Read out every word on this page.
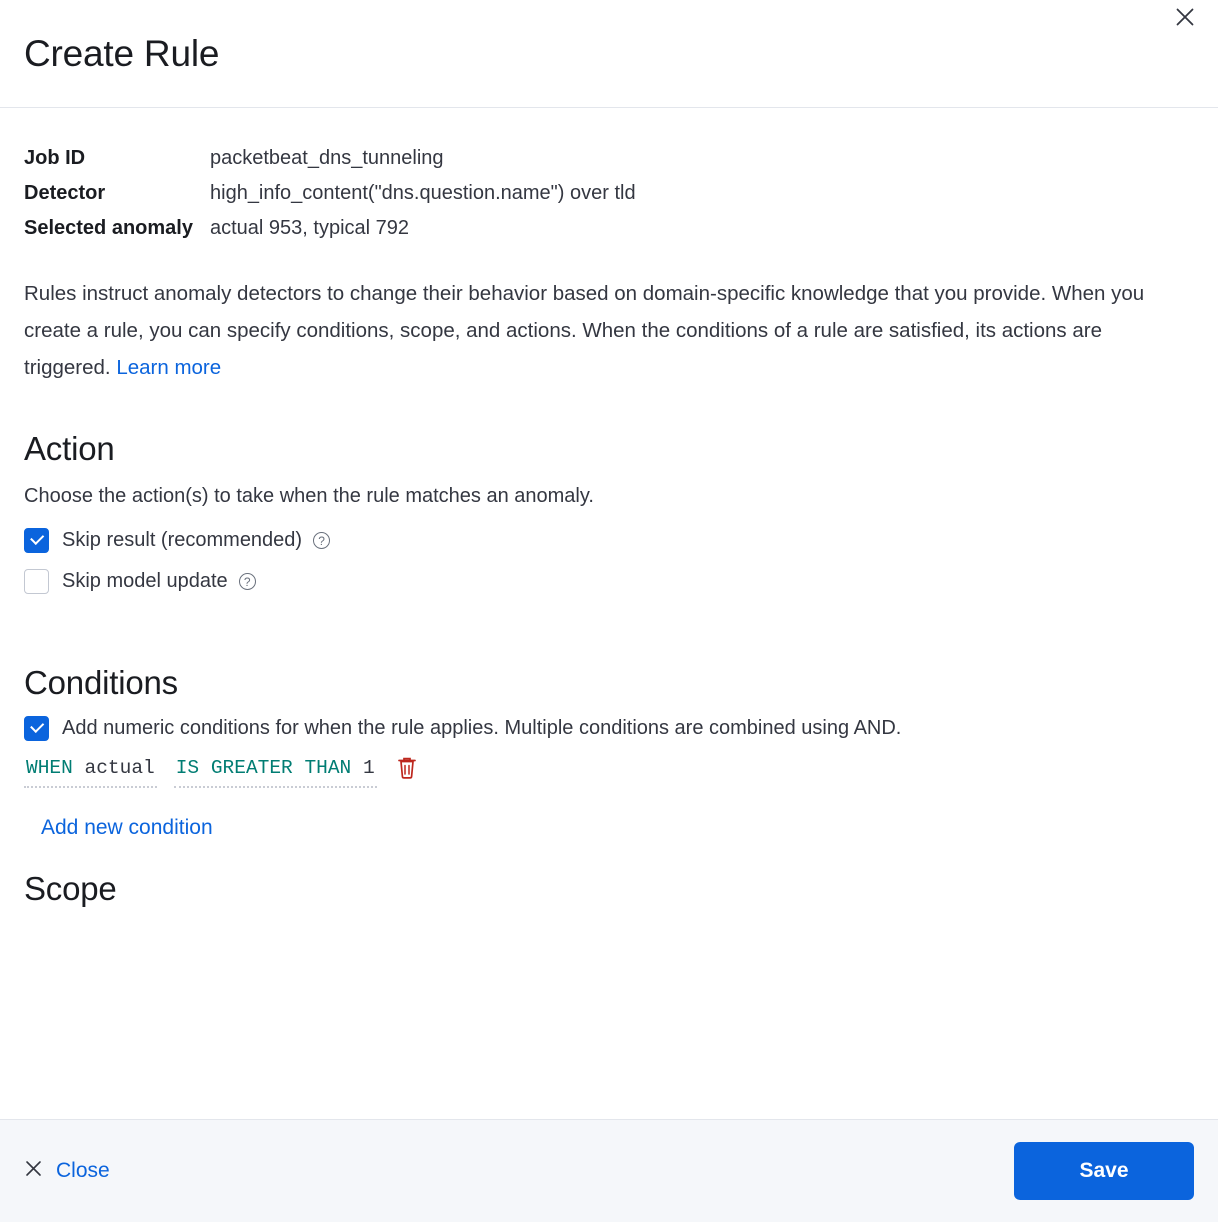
Create Rule
Job ID	packetbeat_dns_tunneling
Detector	high_info_content("dns.question.name") over tld
Selected anomaly	actual 953, typical 792

Rules instruct anomaly detectors to change their behavior based on domain-specific knowledge that you provide. When you create a rule, you can specify conditions, scope, and actions. When the conditions of a rule are satisfied, its actions are triggered. Learn more

Action

Choose the action(s) to take when the rule matches an anomaly.

Skip result (recommended)	?
Skip model update	?
Conditions
Add numeric conditions for when the rule applies. Multiple conditions are combined using AND.
WHEN actual IS GREATER THAN 1
Add new condition
Scope
Close	Save
